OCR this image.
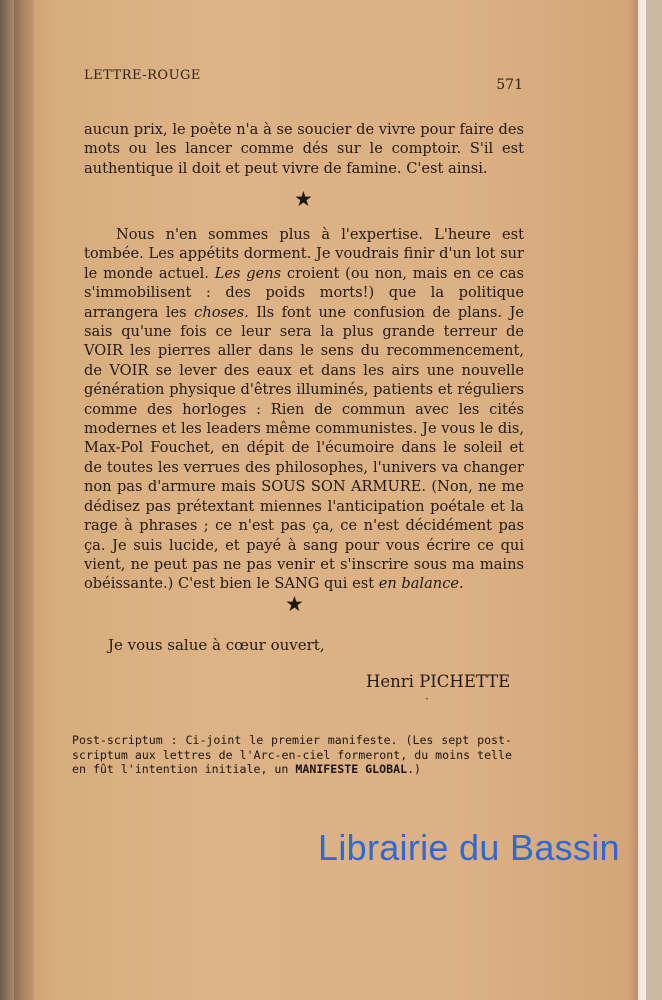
LETTRE-ROUGE
571
aucun prix, le poète n'a à se soucier de vivre pour faire des mots ou les lancer comme dés sur le comptoir. S'il est authentique il doit et peut vivre de famine. C'est ainsi.
★
Nous n'en sommes plus à l'expertise. L'heure est tombée. Les appétits dorment. Je voudrais finir d'un lot sur le monde actuel. Les gens croient (ou non, mais en ce cas s'immobilisent : des poids morts!) que la politique arrangera les choses. Ils font une confusion de plans. Je sais qu'une fois ce leur sera la plus grande terreur de VOIR les pierres aller dans le sens du recommencement, de VOIR se lever des eaux et dans les airs une nouvelle génération physique d'êtres illuminés, patients et réguliers comme des horloges : Rien de commun avec les cités modernes et les leaders même communistes. Je vous le dis, Max-Pol Fouchet, en dépit de l'écumoire dans le soleil et de toutes les verrues des philosophes, l'univers va changer non pas d'armure mais SOUS SON ARMURE. (Non, ne me dédisez pas prétextant miennes l'anticipation poétale et la rage à phrases ; ce n'est pas ça, ce n'est décidément pas ça. Je suis lucide, et payé à sang pour vous écrire ce qui vient, ne peut pas ne pas venir et s'inscrire sous ma mains obéissante.) C'est bien le SANG qui est en balance.
★
Je vous salue à cœur ouvert,
Henri PICHETTE
·
Post-scriptum : Ci-joint le premier manifeste. (Les sept post-scriptum aux lettres de l'Arc-en-ciel formeront, du moins telle en fût l'intention initiale, un MANIFESTE GLOBAL.)
Librairie du Bassin
